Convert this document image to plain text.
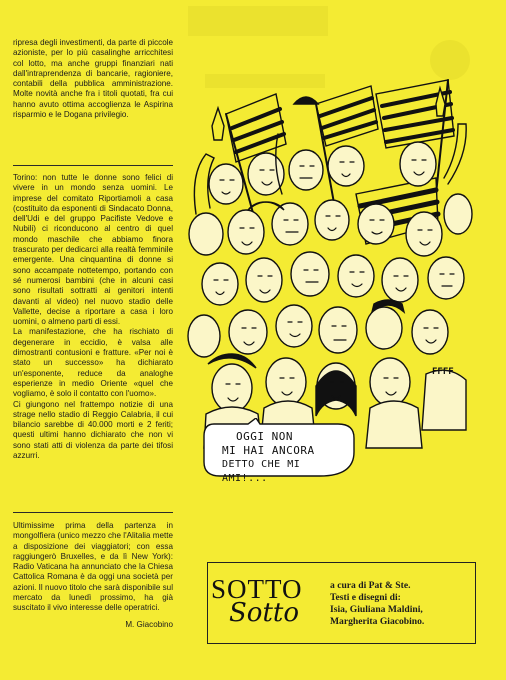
ripresa degli investimenti, da parte di piccole azioniste, per lo più casalinghe arricchitesi col lotto, ma anche gruppi finanziari nati dall'intraprendenza di bancarie, ragioniere, contabili della pubblica amministrazione. Molte novità anche fra i titoli quotati, fra cui hanno avuto ottima accoglienza le Aspirina risparmio e le Dogana privilegio.

Torino: non tutte le donne sono felici di vivere in un mondo senza uomini. Le imprese del comitato Riportiamoli a casa (costituito da esponenti di Sindacato Donna, dell'Udi e del gruppo Pacifiste Vedove e Nubili) ci riconducono al centro di quel mondo maschile che abbiamo finora trascurato per dedicarci alla realtà femminile emergente. Una cinquantina di donne si sono accampate nottetempo, portando con sé numerosi bambini (che in alcuni casi sono risultati sottratti ai genitori intenti davanti al video) nel nuovo stadio delle Vallette, decise a riportare a casa i loro uomini, o almeno parti di essi.

La manifestazione, che ha rischiato di degenerare in eccidio, è valsa alle dimostranti contusioni e fratture. «Per noi è stato un successo» ha dichiarato un'esponente, reduce da analoghe esperienze in medio Oriente «quel che vogliamo, è solo il contatto con l'uomo».

Ci giungono nel frattempo notizie di una strage nello stadio di Reggio Calabria, il cui bilancio sarebbe di 40.000 morti e 2 feriti; questi ultimi hanno dichiarato che non vi sono stati atti di violenza da parte dei tifosi azzurri.

Ultimissime prima della partenza in mongolfiera (unico mezzo che l'Alitalia mette a disposizione dei viaggiatori; con essa raggiungerò Bruxelles, e da lì New York): Radio Vaticana ha annunciato che la Chiesa Cattolica Romana è da oggi una società per azioni. Il nuovo titolo che sarà disponibile sul mercato da lunedì prossimo, ha già suscitato il vivo interesse delle operatrici.

M. Giacobino
FFFF
OGGI NON
MI HAI ANCORA
DETTO CHE MI AMI!...
SOTTO
Sotto
a cura di Pat & Ste.
Testi e disegni di:
Isia, Giuliana Maldini,
Margherita Giacobino.
